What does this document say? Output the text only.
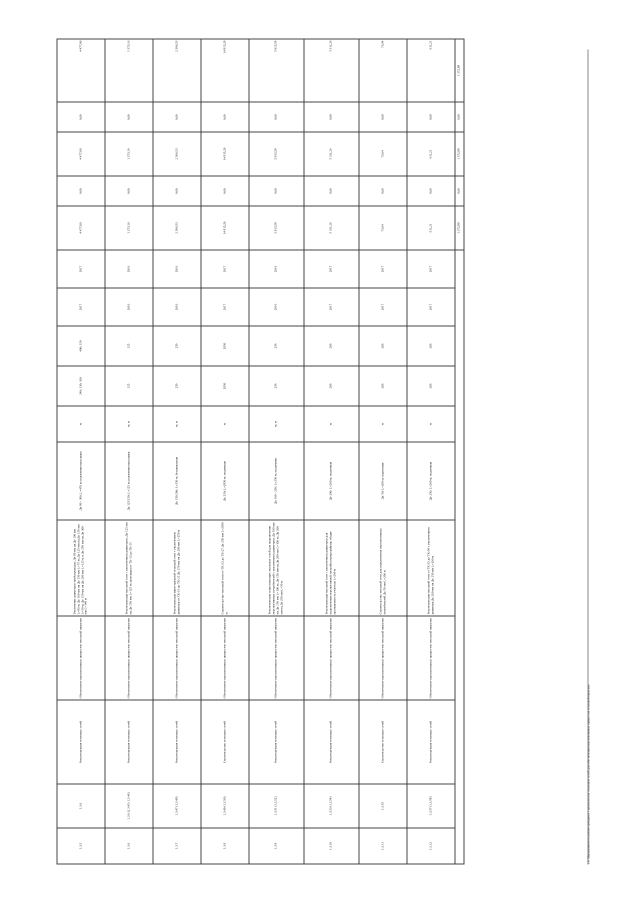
1.3.5	1.3.6	Реконструкция тепловых сетей	Обеспечение перспективных приростов тепловой нагрузки	Увеличение диаметров трубопроводов: Ду 80 мм на Ду 100 мм L=80 м; Ду 100 мм на Ду 150 мм L=75 м; Ду 125 мм на Ду 150 мм L=50 м; Ду 150 мм на Ду 200 мм L=125 м и Ду 250 мм на Ду 300 мм L=140 м	Ду 80 - 300, L=470 м; подземная прокладка	м	240; 130; 100	400; 150	2017	2017	4 477,00	0,00	4 477,00	0,00	4 477,00
1.3.6	1.3.6 (1.3.45; 1.3.46)	Реконструкция тепловых сетей	Обеспечение перспективных приростов тепловой нагрузки	Реконструкция тепловой сети с увеличением диаметров: Ду 125 мм на Ду 150 мм L=125 м; прокладка от ТК-13 до ТК-15	Ду 125/150; L=125 м; подземная прокладка	м; м	125	125	2016	2016	1 373,16	0,00	1 373,16	0,00	1 373,16
1.3.7	1.3.47 (1.3.48)	Реконструкция тепловых сетей	Обеспечение перспективных приростов тепловой нагрузки	Реконструкция магистральной тепловой сети с увеличением диаметра от ТК-16 до ТК-21 Ду 150 мм на Ду 200 мм L=250 м	Ду 150/200; L=250 м; бесканальная	м; м	250	250	2016	2016	2 306,53	0,00	2 306,53	0,00	2 306,53
1.3.8	1.3.49 (1.3.50)	Строительство тепловых сетей	Обеспечение перспективных приростов тепловой нагрузки	Строительство тепловой сети от ТК-23 до ТК-27 Ду 250 мм L=2850 м	Ду 250; L=2850 м; подземная	м	2850	2850	2017	2017	14 815,29	0,00	14 815,29	0,00	14 815,29
1.3.9	1.3.51 (1.3.52)	Реконструкция тепловых сетей	Обеспечение перспективных приростов тепловой нагрузки	Реконструкция существующих тепловых сетей для подключения перспективных потребителей с увеличением диаметров: Ду 100 мм на Ду 150 мм L=100 м; Ду 150 мм на Ду 200 мм L=100 м; Ду 200 мм на Ду 250 мм L=50 м	Ду 100 - 250; L=250 м; подземная	м; м	250	250	2016	2016	5 915,58	0,00	5 915,58	0,00	5 915,58
1.3.10	1.3.53 (1.3.54)	Реконструкция тепловых сетей	Обеспечение перспективных приростов тепловой нагрузки	Реконструкция тепловой сети с увеличением диаметров для подключения перспективной застройки микрорайона; общая протяженность участков L=200 м	Ду 200; L=200 м; подземная	м	200	200	2017	2017	5 311,26	0,00	5 311,26	0,00	5 311,26
1.3.11	1.3.55	Строительство тепловых сетей	Обеспечение перспективных приростов тепловой нагрузки	Строительство тепловой сети для подключения перспективных потребителей Ду 50 мм L=200 м	Ду 50; L=200 м; подземная	м	200	200	2017	2017	73,64	0,00	73,64	0,00	73,64
1.3.12	1.3.57 (1.3.58)	Реконструкция тепловых сетей	Обеспечение перспективных приростов тепловой нагрузки	Реконструкция тепловой сети от ТК-35 до ТК-38 с увеличением диаметра Ду 200 мм на Ду 250 мм L=200 м	Ду 250; L=200 м; подземная	м	200	200	2017	2017	611,21	0,00	611,21	0,00	611,21
											1 372,88	0,00	1 372,88	0,00	1 372,88
1.4. Мероприятия по реконструкции и строительству тепловых сетей для обеспечения перспективных приростов тепловой нагрузки
